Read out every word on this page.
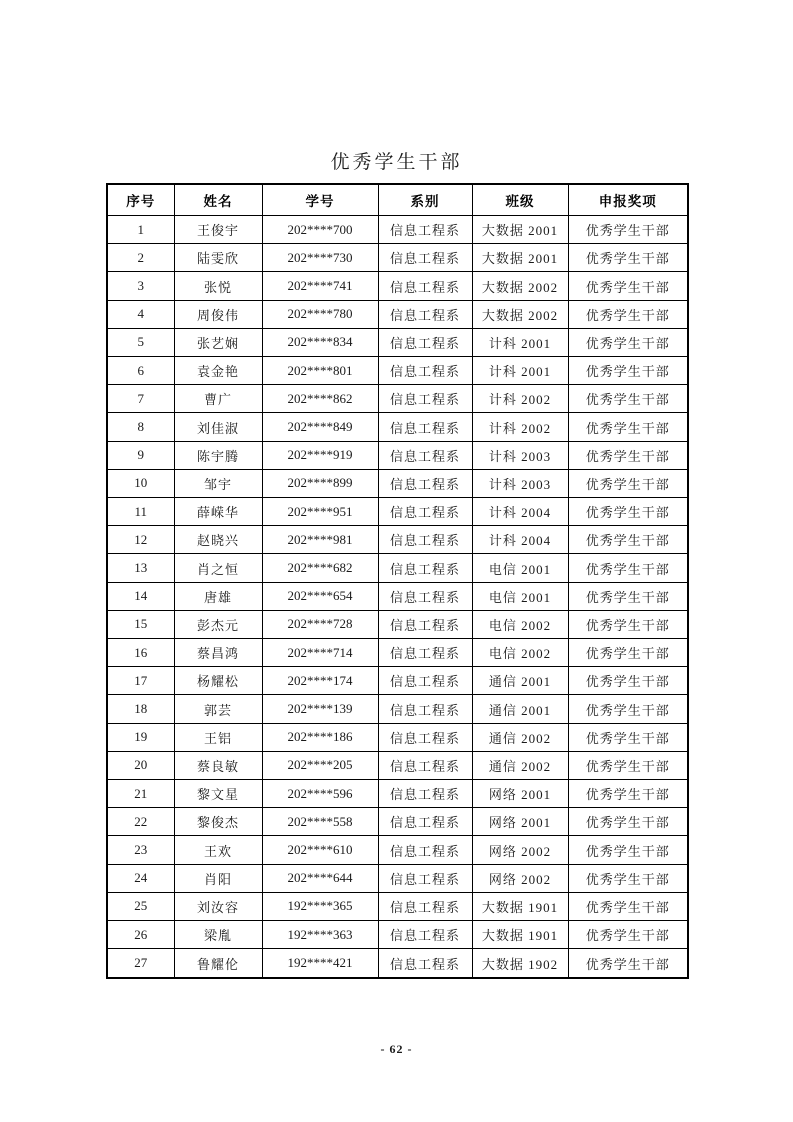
优秀学生干部
序号	姓名	学号	系别	班级	申报奖项
1	王俊宇	202****700	信息工程系	大数据 2001	优秀学生干部
2	陆雯欣	202****730	信息工程系	大数据 2001	优秀学生干部
3	张悦	202****741	信息工程系	大数据 2002	优秀学生干部
4	周俊伟	202****780	信息工程系	大数据 2002	优秀学生干部
5	张艺娴	202****834	信息工程系	计科 2001	优秀学生干部
6	袁金艳	202****801	信息工程系	计科 2001	优秀学生干部
7	曹广	202****862	信息工程系	计科 2002	优秀学生干部
8	刘佳淑	202****849	信息工程系	计科 2002	优秀学生干部
9	陈宇腾	202****919	信息工程系	计科 2003	优秀学生干部
10	邹宇	202****899	信息工程系	计科 2003	优秀学生干部
11	薛嵘华	202****951	信息工程系	计科 2004	优秀学生干部
12	赵晓兴	202****981	信息工程系	计科 2004	优秀学生干部
13	肖之恒	202****682	信息工程系	电信 2001	优秀学生干部
14	唐雄	202****654	信息工程系	电信 2001	优秀学生干部
15	彭杰元	202****728	信息工程系	电信 2002	优秀学生干部
16	蔡昌鸿	202****714	信息工程系	电信 2002	优秀学生干部
17	杨耀松	202****174	信息工程系	通信 2001	优秀学生干部
18	郭芸	202****139	信息工程系	通信 2001	优秀学生干部
19	王铝	202****186	信息工程系	通信 2002	优秀学生干部
20	蔡良敏	202****205	信息工程系	通信 2002	优秀学生干部
21	黎文星	202****596	信息工程系	网络 2001	优秀学生干部
22	黎俊杰	202****558	信息工程系	网络 2001	优秀学生干部
23	王欢	202****610	信息工程系	网络 2002	优秀学生干部
24	肖阳	202****644	信息工程系	网络 2002	优秀学生干部
25	刘汝容	192****365	信息工程系	大数据 1901	优秀学生干部
26	梁胤	192****363	信息工程系	大数据 1901	优秀学生干部
27	鲁耀伦	192****421	信息工程系	大数据 1902	优秀学生干部
- 62 -
